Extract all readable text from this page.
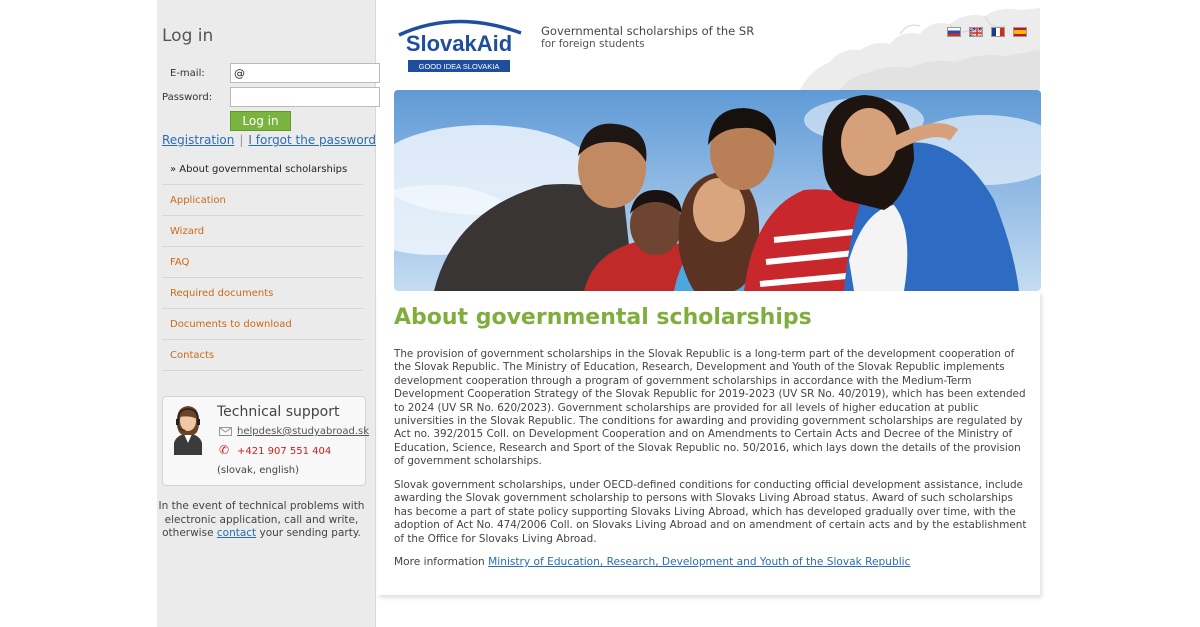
Log in
E-mail:
@
Password:
Log in
Registration | I forgot the password
» About governmental scholarships
Application
Wizard
FAQ
Required documents
Documents to download
Contacts
Technical support
helpdesk@studyabroad.sk
✆ +421 907 551 404
(slovak, english)
In the event of technical problems with electronic application, call and write, otherwise contact your sending party.
SlovakAid
GOOD IDEA SLOVAKIA
Governmental scholarships of the SR
for foreign students
About governmental scholarships

The provision of government scholarships in the Slovak Republic is a long-term part of the development cooperation of the Slovak Republic. The Ministry of Education, Research, Development and Youth of the Slovak Republic implements development cooperation through a program of government scholarships in accordance with the Medium-Term Development Cooperation Strategy of the Slovak Republic for 2019-2023 (UV SR No. 40/2019), which has been extended to 2024 (UV SR No. 620/2023). Government scholarships are provided for all levels of higher education at public universities in the Slovak Republic. The conditions for awarding and providing government scholarships are regulated by Act no. 392/2015 Coll. on Development Cooperation and on Amendments to Certain Acts and Decree of the Ministry of Education, Science, Research and Sport of the Slovak Republic no. 50/2016, which lays down the details of the provision of government scholarships.

Slovak government scholarships, under OECD-defined conditions for conducting official development assistance, include awarding the Slovak government scholarship to persons with Slovaks Living Abroad status. Award of such scholarships has become a part of state policy supporting Slovaks Living Abroad, which has developed gradually over time, with the adoption of Act No. 474/2006 Coll. on Slovaks Living Abroad and on amendment of certain acts and by the establishment of the Office for Slovaks Living Abroad.

More information Ministry of Education, Research, Development and Youth of the Slovak Republic
